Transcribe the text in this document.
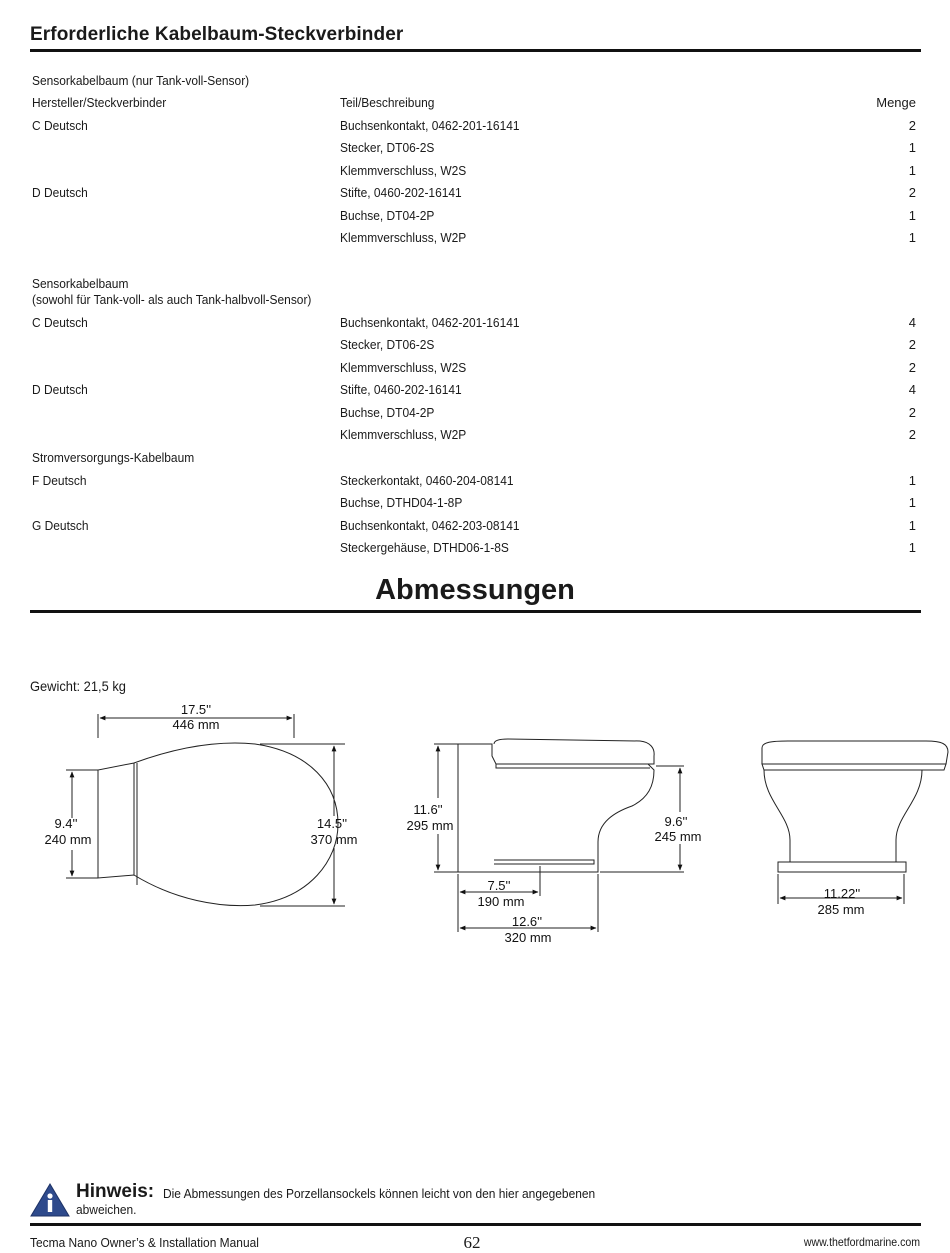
Erforderliche Kabelbaum-Steckverbinder
Sensorkabelbaum (nur Tank-voll-Sensor)
Hersteller/Steckverbinder	Teil/Beschreibung	Menge
C Deutsch	Buchsenkontakt, 0462-201-16141	2
Stecker, DT06-2S	1
Klemmverschluss, W2S	1
D Deutsch	Stifte, 0460-202-16141	2
Buchse, DT04-2P	1
Klemmverschluss, W2P	1
Sensorkabelbaum
(sowohl für Tank-voll- als auch Tank-halbvoll-Sensor)
C Deutsch	Buchsenkontakt, 0462-201-16141	4
Stecker, DT06-2S	2
Klemmverschluss, W2S	2
D Deutsch	Stifte, 0460-202-16141	4
Buchse, DT04-2P	2
Klemmverschluss, W2P	2
Stromversorgungs-Kabelbaum
F Deutsch	Steckerkontakt, 0460-204-08141	1
Buchse, DTHD04-1-8P	1
G Deutsch	Buchsenkontakt, 0462-203-08141	1
Steckergehäuse, DTHD06-1-8S	1
Abmessungen
Gewicht: 21,5 kg
17.5''
446 mm
9.4''
240 mm
14.5''
370 mm
11.6''
295 mm	9.6''
245 mm
7.5''
190 mm
12.6''
320 mm
11.22''
285 mm
Hinweis: Die Abmessungen des Porzellansockels können leicht von den hier angegebenen
abweichen.
Tecma Nano Owner’s & Installation Manual	62	www.thetfordmarine.com
